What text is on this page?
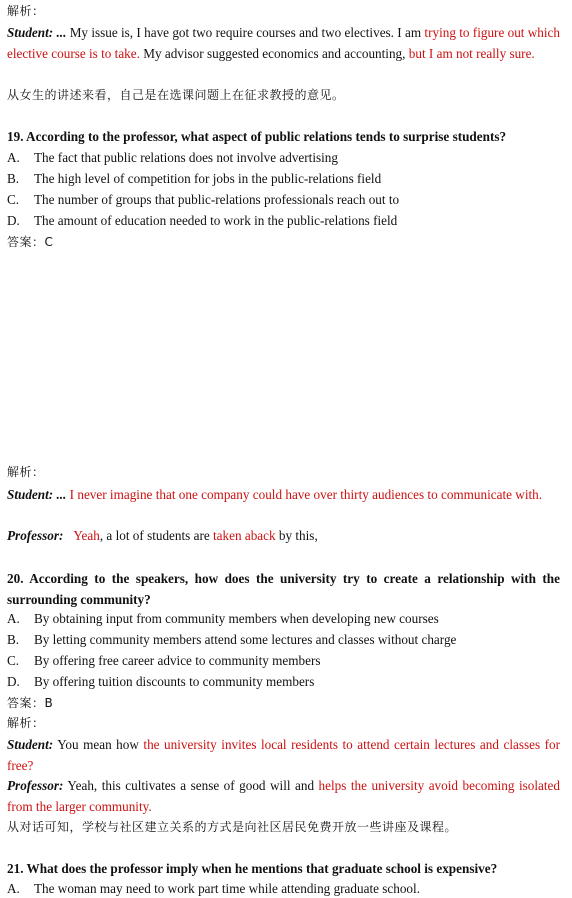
解析：
Student: ... My issue is, I have got two require courses and two electives. I am trying to figure out which elective course is to take. My advisor suggested economics and accounting, but I am not really sure.
从女生的讲述来看，自己是在选课问题上在征求教授的意见。
19. According to the professor, what aspect of public relations tends to surprise students?
A. The fact that public relations does not involve advertising
B. The high level of competition for jobs in the public-relations field
C. The number of groups that public-relations professionals reach out to
D. The amount of education needed to work in the public-relations field
答案：C
解析：
Student: ... I never imagine that one company could have over thirty audiences to communicate with.
Professor: Yeah, a lot of students are taken aback by this,
20. According to the speakers, how does the university try to create a relationship with the surrounding community?
A. By obtaining input from community members when developing new courses
B. By letting community members attend some lectures and classes without charge
C. By offering free career advice to community members
D. By offering tuition discounts to community members
答案：B
解析：
Student: You mean how the university invites local residents to attend certain lectures and classes for free?
Professor: Yeah, this cultivates a sense of good will and helps the university avoid becoming isolated from the larger community.
从对话可知，学校与社区建立关系的方式是向社区居民免费开放一些讲座及课程。
21. What does the professor imply when he mentions that graduate school is expensive?
A. The woman may need to work part time while attending graduate school.
